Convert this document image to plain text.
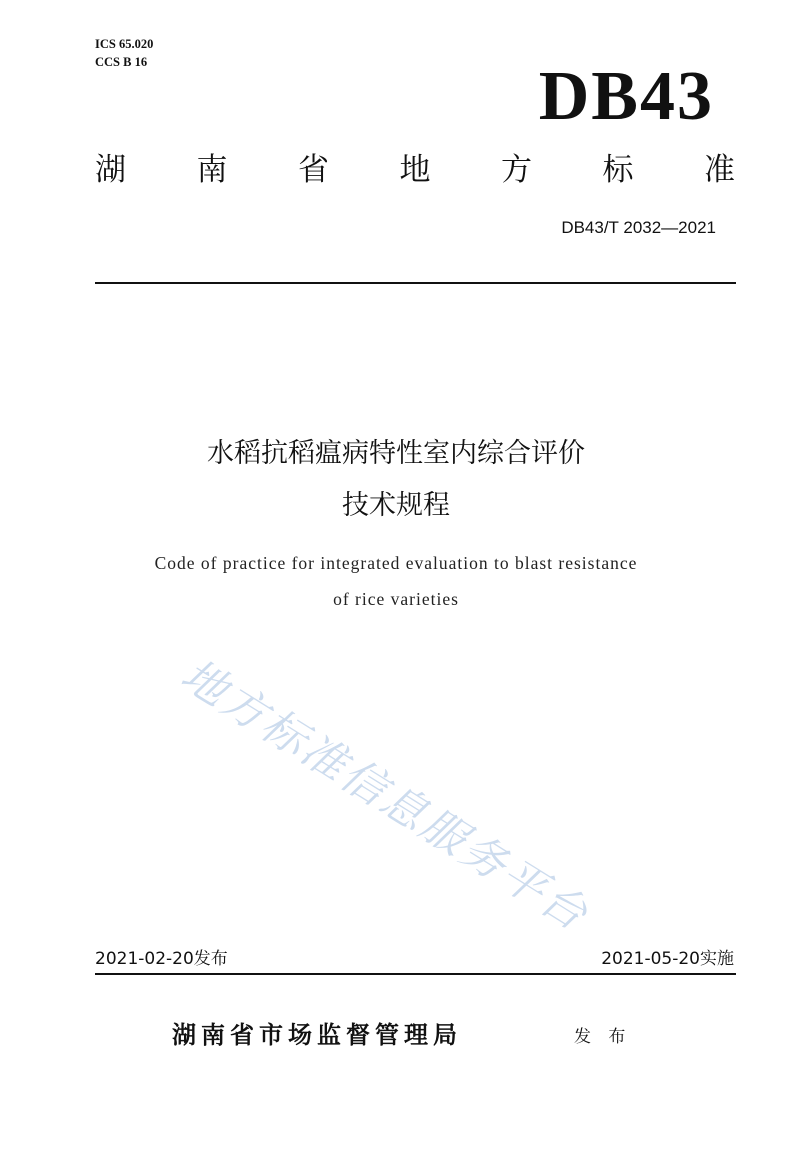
ICS 65.020
CCS B 16	DB43
湖 南 省 地 方 标 准
DB43/T 2032—2021
水稻抗稻瘟病特性室内综合评价
技术规程
Code of practice for integrated evaluation to blast resistance
of rice varieties
地方标准信息服务平台
2021-02-20发布	2021-05-20实施
湖南省市场监督管理局	发 布
